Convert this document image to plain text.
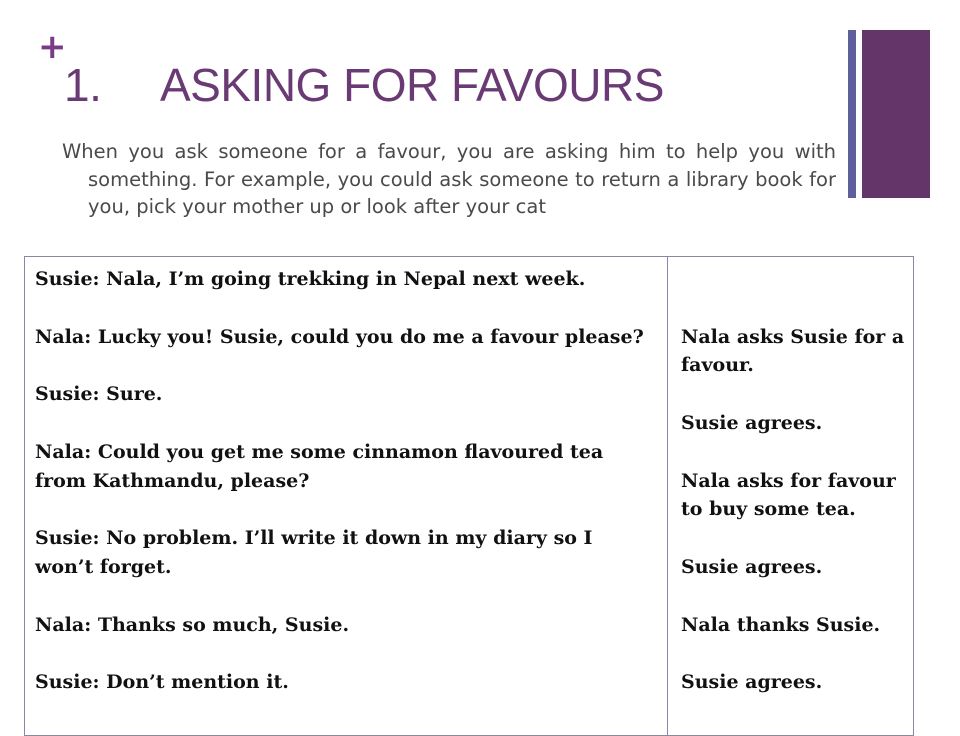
+
1. ASKING FOR FAVOURS

When you ask someone for a favour, you are asking him to help you with something. For example, you could ask someone to return a library book for you, pick your mother up or look after your cat

Susie: Nala, I’m going trekking in Nepal next week.
Nala: Lucky you! Susie, could you do me a favour please?
Susie: Sure.
Nala: Could you get me some cinnamon flavoured tea from Kathmandu, please?
Susie: No problem. I’ll write it down in my diary so I won’t forget.
Nala: Thanks so much, Susie.
Susie: Don’t mention it.
Nala asks Susie for a favour.
Susie agrees.
Nala asks for favour to buy some tea.
Susie agrees.
Nala thanks Susie.
Susie agrees.
